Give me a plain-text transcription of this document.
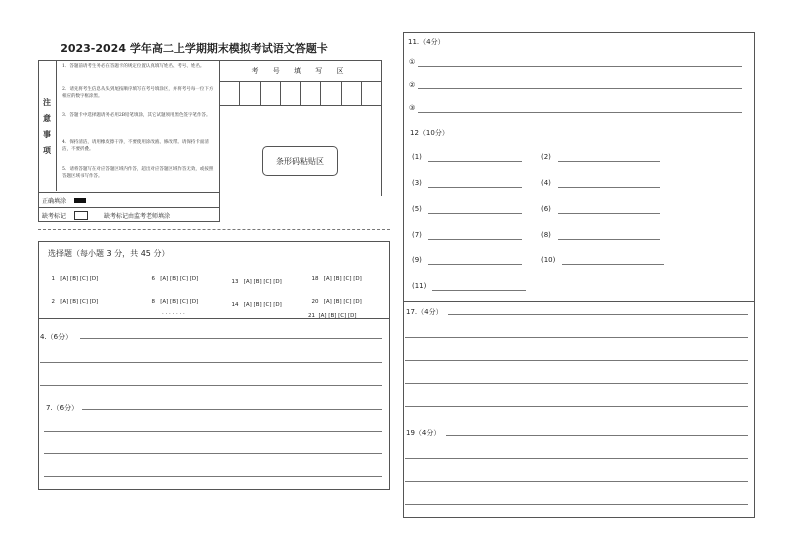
2023-2024 学年高二上学期期末模拟考试语文答题卡
注
意
事
项
1．答题前请考生务必在答题卡的规定位置认真填写姓名、考号、姓名。
2．请先将考生信息从头到尾按顺序填写在考号填涂区，并将考号每一位下方相应的数字框涂黑。
3．答题卡中选择题请务必用2B铅笔填涂，其它试题须用黑色签字笔作答。
4．保持清洁，请用橡皮擦干净，不要使用涂改液、修改带。请保持卡面清洁，不要折叠。
5．请将答题写在对应答题区域内作答，超出对应答题区域作答无效，或按照答题区域书写作答。
正确填涂
缺考标记	缺考标记由监考老师填涂
考 号 填 写 区
条形码粘贴区
选择题（每小题 3 分，共 45 分）

1 [A] [B] [C] [D]

2 [A] [B] [C] [D]

6 [A] [B] [C] [D]

8 [A] [B] [C] [D]

. . . . . . .

13 [A] [B] [C] [D]

14 [A] [B] [C] [D]

18 [A] [B] [C] [D]

20 [A] [B] [C] [D]

21  [A] [B] [C] [D]
4.（6分）
7.（6分）
11.（4分）
①
②
③
12（10分）
(1)
(3)
(5)
(7)
(9)
(11)
(2)
(4)
(6)
(8)
(10)
17.（4分）
19（4分）
